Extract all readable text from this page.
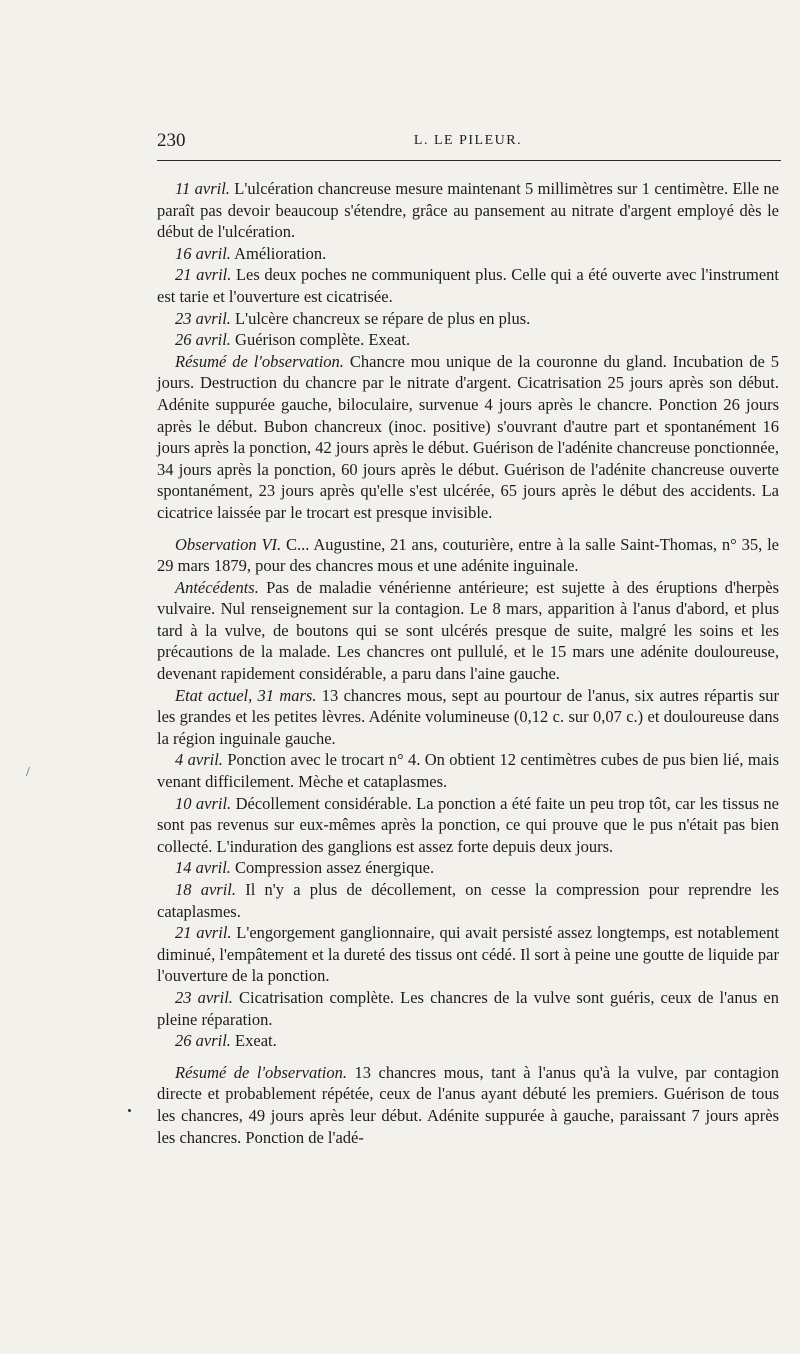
230	L. LE PILEUR.

11 avril. L'ulcération chancreuse mesure maintenant 5 millimètres sur 1 centimètre. Elle ne paraît pas devoir beaucoup s'étendre, grâce au pansement au nitrate d'argent employé dès le début de l'ulcération.

16 avril. Amélioration.

21 avril. Les deux poches ne communiquent plus. Celle qui a été ouverte avec l'instrument est tarie et l'ouverture est cicatrisée.

23 avril. L'ulcère chancreux se répare de plus en plus.

26 avril. Guérison complète. Exeat.

Résumé de l'observation. Chancre mou unique de la couronne du gland. Incubation de 5 jours. Destruction du chancre par le nitrate d'argent. Cicatrisation 25 jours après son début. Adénite suppurée gauche, biloculaire, survenue 4 jours après le chancre. Ponction 26 jours après le début. Bubon chancreux (inoc. positive) s'ouvrant d'autre part et spontanément 16 jours après la ponction, 42 jours après le début. Guérison de l'adénite chancreuse ponctionnée, 34 jours après la ponction, 60 jours après le début. Guérison de l'adénite chancreuse ouverte spontanément, 23 jours après qu'elle s'est ulcérée, 65 jours après le début des accidents. La cicatrice laissée par le trocart est presque invisible.

Observation VI. C... Augustine, 21 ans, couturière, entre à la salle Saint-Thomas, n° 35, le 29 mars 1879, pour des chancres mous et une adénite inguinale.

Antécédents. Pas de maladie vénérienne antérieure; est sujette à des éruptions d'herpès vulvaire. Nul renseignement sur la contagion. Le 8 mars, apparition à l'anus d'abord, et plus tard à la vulve, de boutons qui se sont ulcérés presque de suite, malgré les soins et les précautions de la malade. Les chancres ont pullulé, et le 15 mars une adénite douloureuse, devenant rapidement considérable, a paru dans l'aine gauche.

Etat actuel, 31 mars. 13 chancres mous, sept au pourtour de l'anus, six autres répartis sur les grandes et les petites lèvres. Adénite volumineuse (0,12 c. sur 0,07 c.) et douloureuse dans la région inguinale gauche.

4 avril. Ponction avec le trocart n° 4. On obtient 12 centimètres cubes de pus bien lié, mais venant difficilement. Mèche et cataplasmes.

10 avril. Décollement considérable. La ponction a été faite un peu trop tôt, car les tissus ne sont pas revenus sur eux-mêmes après la ponction, ce qui prouve que le pus n'était pas bien collecté. L'induration des ganglions est assez forte depuis deux jours.

14 avril. Compression assez énergique.

18 avril. Il n'y a plus de décollement, on cesse la compression pour reprendre les cataplasmes.

21 avril. L'engorgement ganglionnaire, qui avait persisté assez longtemps, est notablement diminué, l'empâtement et la dureté des tissus ont cédé. Il sort à peine une goutte de liquide par l'ouverture de la ponction.

23 avril. Cicatrisation complète. Les chancres de la vulve sont guéris, ceux de l'anus en pleine réparation.

26 avril. Exeat.

Résumé de l'observation. 13 chancres mous, tant à l'anus qu'à la vulve, par contagion directe et probablement répétée, ceux de l'anus ayant débuté les premiers. Guérison de tous les chancres, 49 jours après leur début. Adénite suppurée à gauche, paraissant 7 jours après les chancres. Ponction de l'adé-

/
